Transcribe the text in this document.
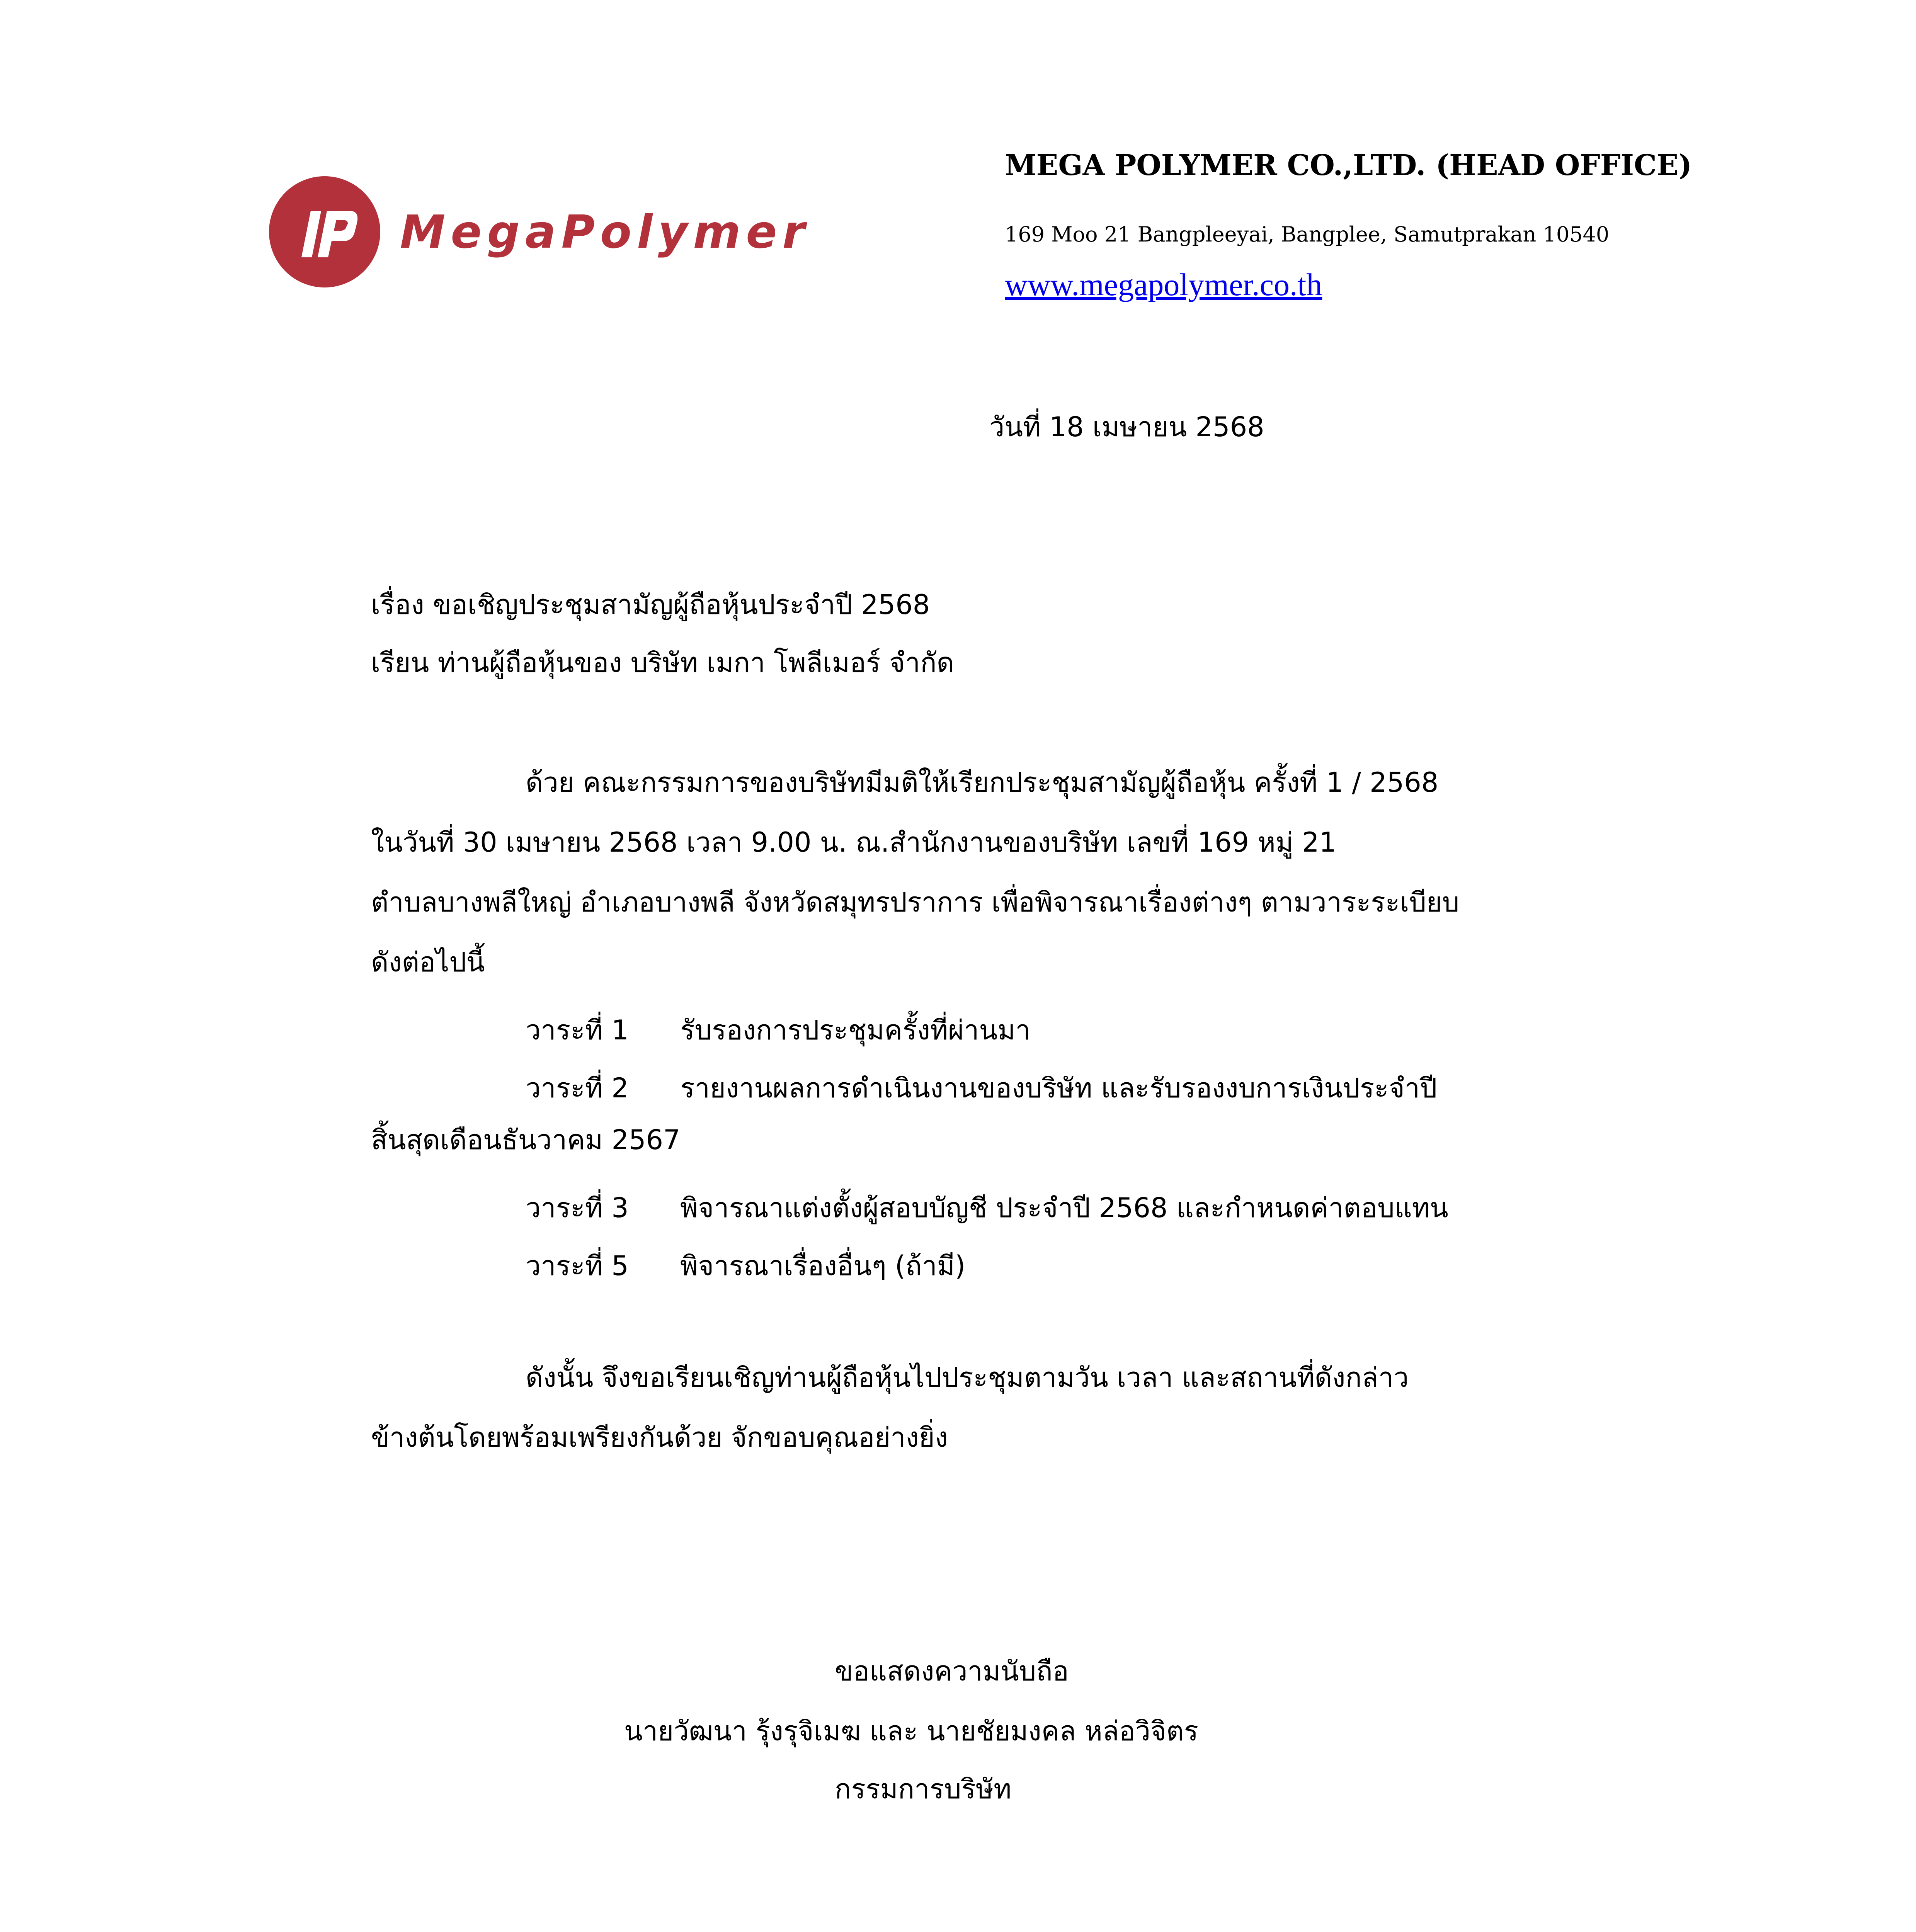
MegaPolymer
MEGA POLYMER CO.,LTD. (HEAD OFFICE)
169 Moo 21 Bangpleeyai, Bangplee, Samutprakan 10540
www.megapolymer.co.th
วันที่ 18 เมษายน 2568
เรื่อง ขอเชิญประชุมสามัญผู้ถือหุ้นประจำปี 2568
เรียน ท่านผู้ถือหุ้นของ บริษัท เมกา โพลีเมอร์ จำกัด
ด้วย คณะกรรมการของบริษัทมีมติให้เรียกประชุมสามัญผู้ถือหุ้น ครั้งที่ 1 / 2568
ในวันที่ 30 เมษายน 2568 เวลา 9.00 น. ณ.สำนักงานของบริษัท เลขที่ 169 หมู่ 21
ตำบลบางพลีใหญ่ อำเภอบางพลี จังหวัดสมุทรปราการ เพื่อพิจารณาเรื่องต่างๆ ตามวาระระเบียบ
ดังต่อไปนี้
วาระที่ 1 รับรองการประชุมครั้งที่ผ่านมา
วาระที่ 2 รายงานผลการดำเนินงานของบริษัท และรับรองงบการเงินประจำปี
สิ้นสุดเดือนธันวาคม 2567
วาระที่ 3 พิจารณาแต่งตั้งผู้สอบบัญชี ประจำปี 2568 และกำหนดค่าตอบแทน
วาระที่ 5 พิจารณาเรื่องอื่นๆ (ถ้ามี)
ดังนั้น จึงขอเรียนเชิญท่านผู้ถือหุ้นไปประชุมตามวัน เวลา และสถานที่ดังกล่าว
ข้างต้นโดยพร้อมเพรียงกันด้วย จักขอบคุณอย่างยิ่ง
ขอแสดงความนับถือ
นายวัฒนา รุ้งรุจิเมฆ และ นายชัยมงคล หล่อวิจิตร
กรรมการบริษัท
